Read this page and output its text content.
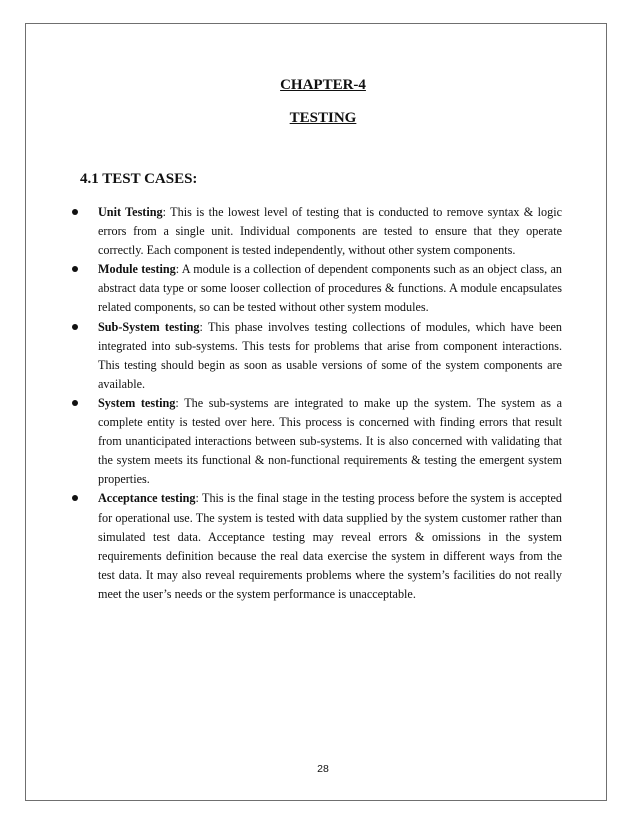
CHAPTER-4
TESTING
4.1 TEST CASES:
Unit Testing: This is the lowest level of testing that is conducted to remove syntax & logic errors from a single unit. Individual components are tested to ensure that they operate correctly. Each component is tested independently, without other system components.
Module testing: A module is a collection of dependent components such as an object class, an abstract data type or some looser collection of procedures & functions. A module encapsulates related components, so can be tested without other system modules.
Sub-System testing: This phase involves testing collections of modules, which have been integrated into sub-systems. This tests for problems that arise from component interactions. This testing should begin as soon as usable versions of some of the system components are available.
System testing: The sub-systems are integrated to make up the system. The system as a complete entity is tested over here. This process is concerned with finding errors that result from unanticipated interactions between sub-systems. It is also concerned with validating that the system meets its functional & non-functional requirements & testing the emergent system properties.
Acceptance testing: This is the final stage in the testing process before the system is accepted for operational use. The system is tested with data supplied by the system customer rather than simulated test data. Acceptance testing may reveal errors & omissions in the system requirements definition because the real data exercise the system in different ways from the test data. It may also reveal requirements problems where the system’s facilities do not really meet the user’s needs or the system performance is unacceptable.
28
